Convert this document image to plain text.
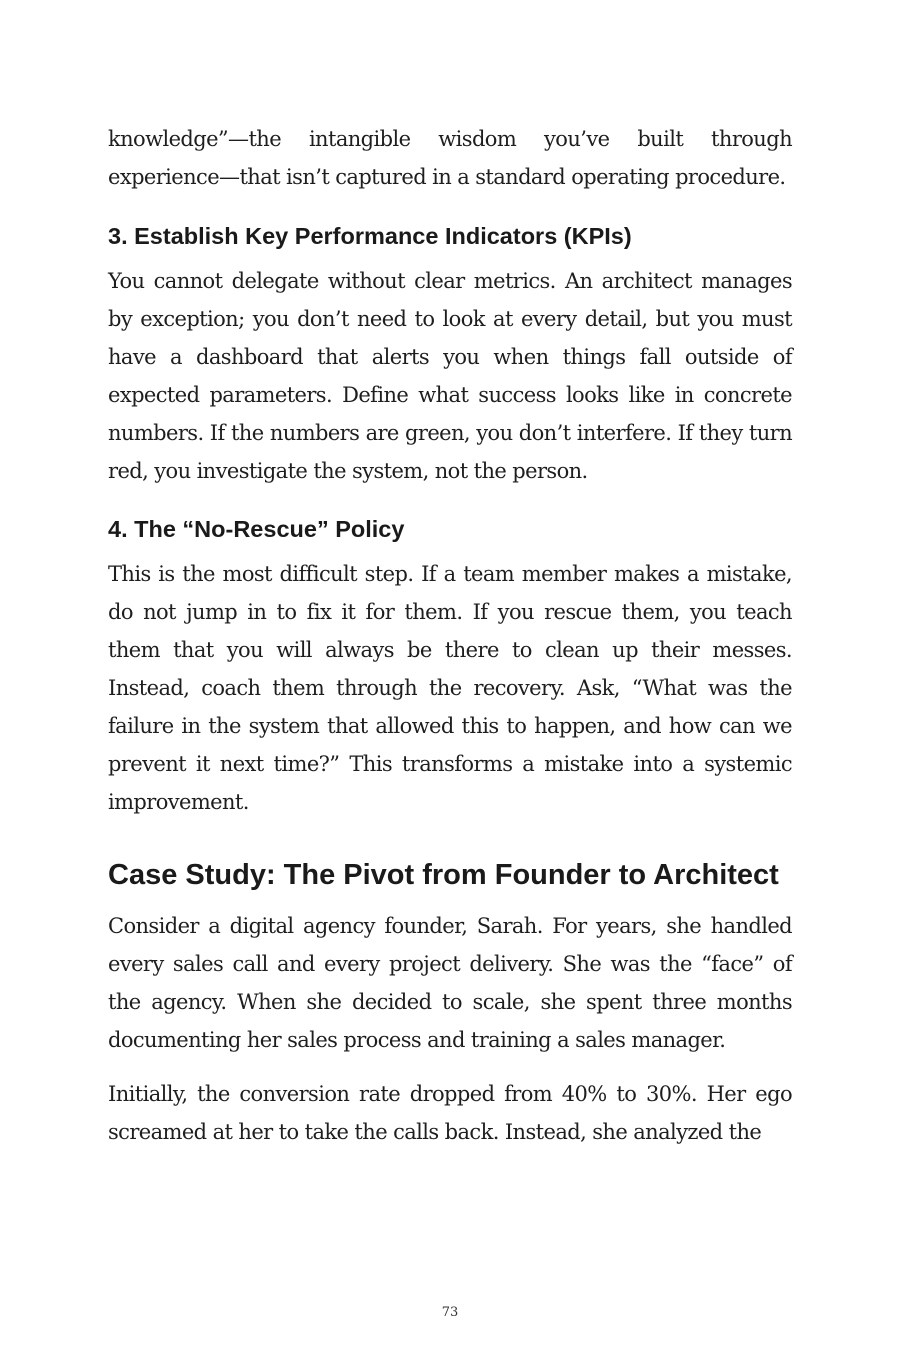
knowledge”—the intangible wisdom you’ve built through experience—that isn’t captured in a standard operating procedure.

3. Establish Key Performance Indicators (KPIs)

You cannot delegate without clear metrics. An architect manages by exception; you don’t need to look at every detail, but you must have a dashboard that alerts you when things fall outside of expected parameters. Define what success looks like in concrete numbers. If the numbers are green, you don’t interfere. If they turn red, you investigate the system, not the person.

4. The “No-Rescue” Policy

This is the most difficult step. If a team member makes a mistake, do not jump in to fix it for them. If you rescue them, you teach them that you will always be there to clean up their messes. Instead, coach them through the recovery. Ask, “What was the failure in the system that allowed this to happen, and how can we prevent it next time?” This transforms a mistake into a systemic improvement.

Case Study: The Pivot from Founder to Architect

Consider a digital agency founder, Sarah. For years, she handled every sales call and every project delivery. She was the “face” of the agency. When she decided to scale, she spent three months documenting her sales process and training a sales manager.

Initially, the conversion rate dropped from 40% to 30%. Her ego screamed at her to take the calls back. Instead, she analyzed the

73
